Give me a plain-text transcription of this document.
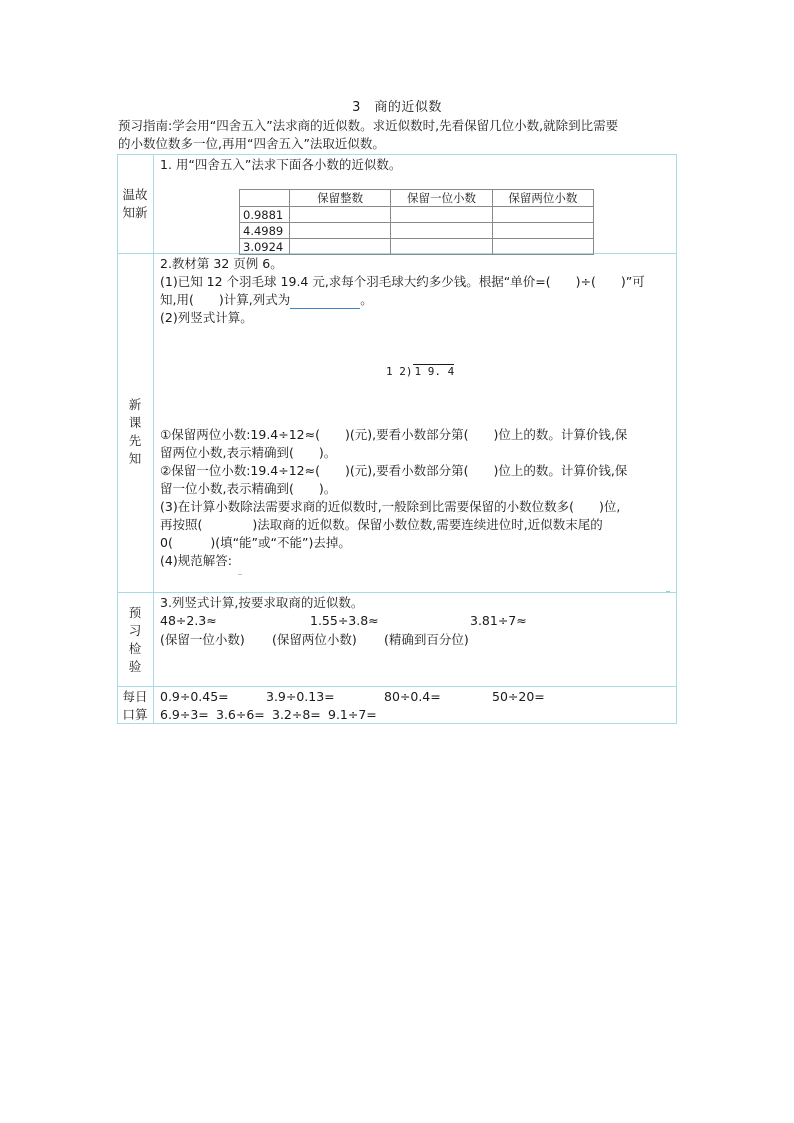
3　商的近似数
预习指南:学会用“四舍五入”法求商的近似数。求近似数时,先看保留几位小数,就除到比需要
的小数位数多一位,再用“四舍五入”法取近似数。
温故
知新
1. 用“四舍五入”法求下面各小数的近似数。
	保留整数	保留一位小数	保留两位小数
0.9881			
4.4989			
3.0924			
新
课
先
知
2.教材第 32 页例 6。
(1)已知 12 个羽毛球 19.4 元,求每个羽毛球大约多少钱。根据“单价=(　　)÷(　　)”可
知,用(　　)计算,列式为	。
(2)列竖式计算。
1 2) 1 9. 4
①保留两位小数:19.4÷12≈(　　)(元),要看小数部分第(　　)位上的数。计算价钱,保
留两位小数,表示精确到(　　)。
②保留一位小数:19.4÷12≈(　　)(元),要看小数部分第(　　)位上的数。计算价钱,保
留一位小数,表示精确到(　　)。
(3)在计算小数除法需要求商的近似数时,一般除到比需要保留的小数位数多(　　)位,
再按照(　　　　)法取商的近似数。保留小数位数,需要连续进位时,近似数末尾的
0(　　　)(填“能”或“不能”)去掉。
(4)规范解答:
预
习
检
验
3.列竖式计算,按要求取商的近似数。
48÷2.3≈	1.55÷3.8≈	3.81÷7≈
(保留一位小数) (保留两位小数) (精确到百分位)
每日
口算
0.9÷0.45=	3.9÷0.13=	80÷0.4=	50÷20=
6.9÷3= 3.6÷6= 3.2÷8= 9.1÷7=
